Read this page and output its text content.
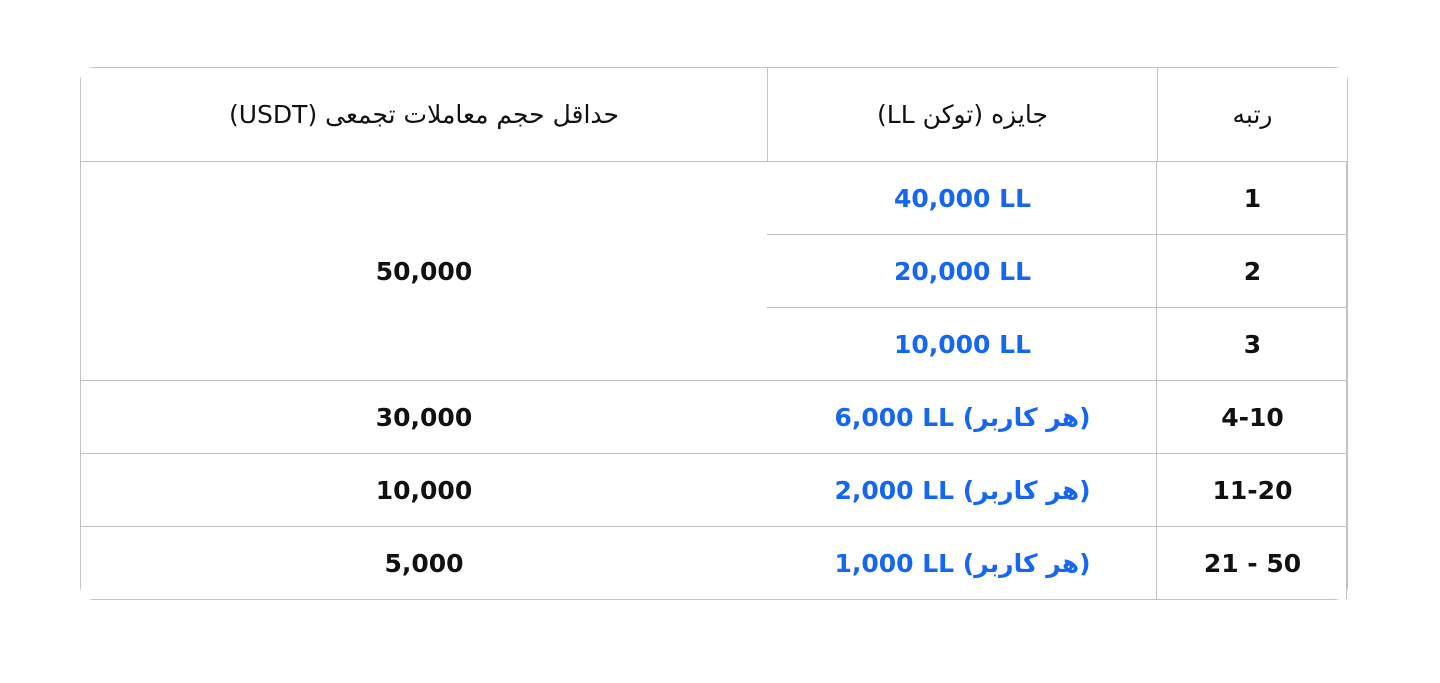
رتبه	جایزه (توکن LL)	حداقل حجم معاملات تجمعی (USDT)
1	40,000 LL	50,000
2	20,000 LL	
3	10,000 LL	
4-10	6,000 LL (هر کاربر)	30,000
11-20	2,000 LL (هر کاربر)	10,000
21 - 50	1,000 LL (هر کاربر)	5,000
